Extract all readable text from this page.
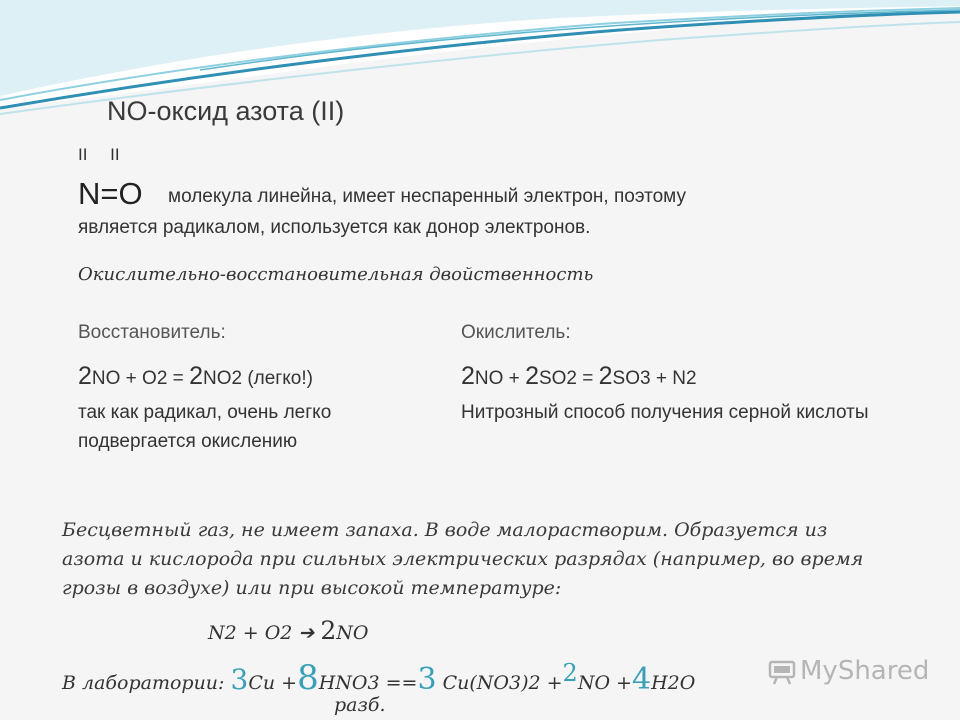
NO-оксид азота (II)
II II
N=O молекула линейна, имеет неспаренный электрон, поэтому
является радикалом, используется как донор электронов.
Окислительно-восстановительная двойственность
Восстановитель:	Окислитель:
2NO + O2 = 2NO2 (легко!)	2NO + 2SO2 = 2SO3 + N2
так как радикал, очень легко подвергается окислению
Нитрозный способ получения серной кислоты
Бесцветный газ, не имеет запаха. В воде малорастворим. Образуется из азота и кислорода при сильных электрических разрядах (например, во время грозы в воздухе) или при высокой температуре:
N2 + O2 ➔ 2NO
В лаборатории: 3Cu +8HNO3 ==3 Cu(NO3)2 +2NO +4H2O
разб.
MyShared
